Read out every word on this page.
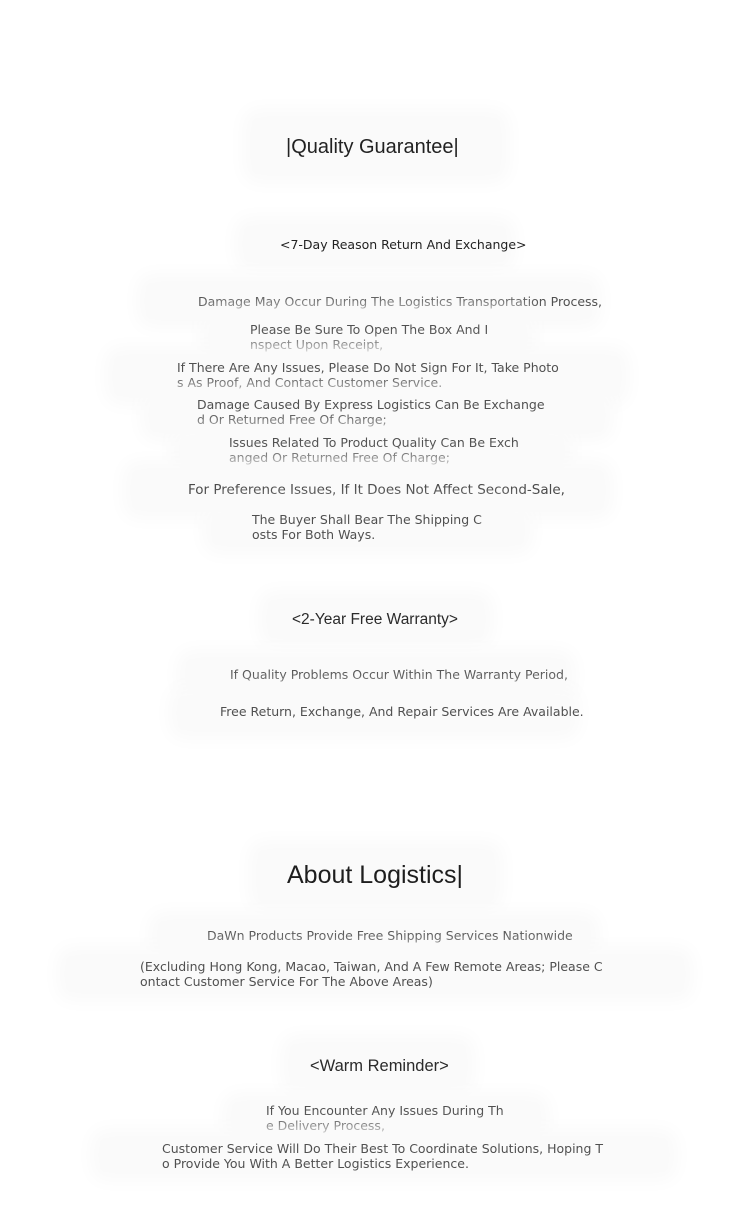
|Quality Guarantee|
<7-Day Reason Return And Exchange>
Damage May Occur During The Logistics Transportation Process,
Please Be Sure To Open The Box And Inspect Upon Receipt,
If There Are Any Issues, Please Do Not Sign For It, Take Photos As Proof, And Contact Customer Service.
Damage Caused By Express Logistics Can Be Exchanged Or Returned Free Of Charge;
Issues Related To Product Quality Can Be Exchanged Or Returned Free Of Charge;
For Preference Issues, If It Does Not Affect Second-Sale,
The Buyer Shall Bear The Shipping Costs For Both Ways.
<2-Year Free Warranty>
If Quality Problems Occur Within The Warranty Period,
Free Return, Exchange, And Repair Services Are Available.
About Logistics|
DaWn Products Provide Free Shipping Services Nationwide
(Excluding Hong Kong, Macao, Taiwan, And A Few Remote Areas; Please Contact Customer Service For The Above Areas)
<Warm Reminder>
If You Encounter Any Issues During The Delivery Process,
Customer Service Will Do Their Best To Coordinate Solutions, Hoping To Provide You With A Better Logistics Experience.
